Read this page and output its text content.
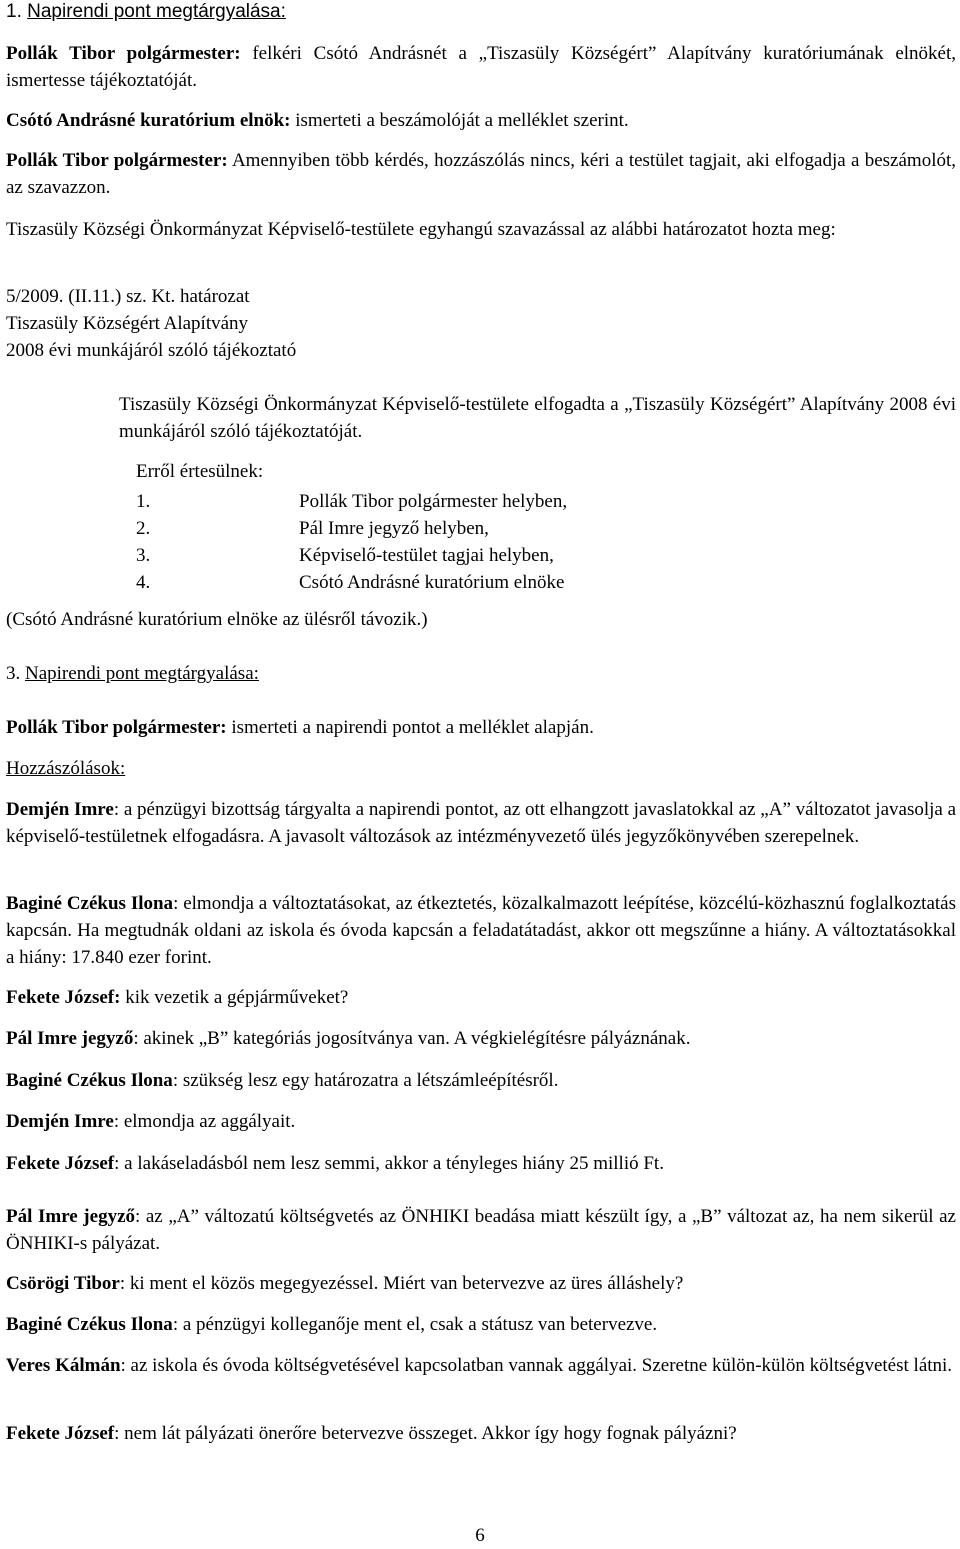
1. Napirendi pont megtárgyalása:

Pollák Tibor polgármester: felkéri Csótó Andrásnét a „Tiszasüly Községért” Alapítvány kuratóriumának elnökét, ismertesse tájékoztatóját.

Csótó Andrásné kuratórium elnök: ismerteti a beszámolóját a melléklet szerint.

Pollák Tibor polgármester: Amennyiben több kérdés, hozzászólás nincs, kéri a testület tagjait, aki elfogadja a beszámolót, az szavazzon.

Tiszasüly Községi Önkormányzat Képviselő-testülete egyhangú szavazással az alábbi határozatot hozta meg:

5/2009. (II.11.) sz. Kt. határozat

Tiszasüly Községért Alapítvány

2008 évi munkájáról szóló tájékoztató

Tiszasüly Községi Önkormányzat Képviselő-testülete elfogadta a „Tiszasüly Községért” Alapítvány 2008 évi munkájáról szóló tájékoztatóját.

Erről értesülnek:

1.	Pollák Tibor polgármester helyben,
2.	Pál Imre jegyző helyben,
3.	Képviselő-testület tagjai helyben,
4.	Csótó Andrásné kuratórium elnöke

(Csótó Andrásné kuratórium elnöke az ülésről távozik.)

3. Napirendi pont megtárgyalása:

Pollák Tibor polgármester: ismerteti a napirendi pontot a melléklet alapján.

Hozzászólások:

Demjén Imre: a pénzügyi bizottság tárgyalta a napirendi pontot, az ott elhangzott javaslatokkal az „A” változatot javasolja a képviselő-testületnek elfogadásra. A javasolt változások az intézményvezető ülés jegyzőkönyvében szerepelnek.

Baginé Czékus Ilona: elmondja a változtatásokat, az étkeztetés, közalkalmazott leépítése, közcélú-közhasznú foglalkoztatás kapcsán. Ha megtudnák oldani az iskola és óvoda kapcsán a feladatátadást, akkor ott megszűnne a hiány. A változtatásokkal a hiány: 17.840 ezer forint.

Fekete József: kik vezetik a gépjárműveket?

Pál Imre jegyző: akinek „B” kategóriás jogosítványa van. A végkielégítésre pályáznának.

Baginé Czékus Ilona: szükség lesz egy határozatra a létszámleépítésről.

Demjén Imre: elmondja az aggályait.

Fekete József: a lakáseladásból nem lesz semmi, akkor a tényleges hiány 25 millió Ft.

Pál Imre jegyző: az „A” változatú költségvetés az ÖNHIKI beadása miatt készült így, a „B” változat az, ha nem sikerül az ÖNHIKI-s pályázat.

Csörögi Tibor: ki ment el közös megegyezéssel. Miért van betervezve az üres álláshely?

Baginé Czékus Ilona: a pénzügyi kolleganője ment el, csak a státusz van betervezve.

Veres Kálmán: az iskola és óvoda költségvetésével kapcsolatban vannak aggályai. Szeretne külön-külön költségvetést látni.

Fekete József: nem lát pályázati önerőre betervezve összeget. Akkor így hogy fognak pályázni?

6
